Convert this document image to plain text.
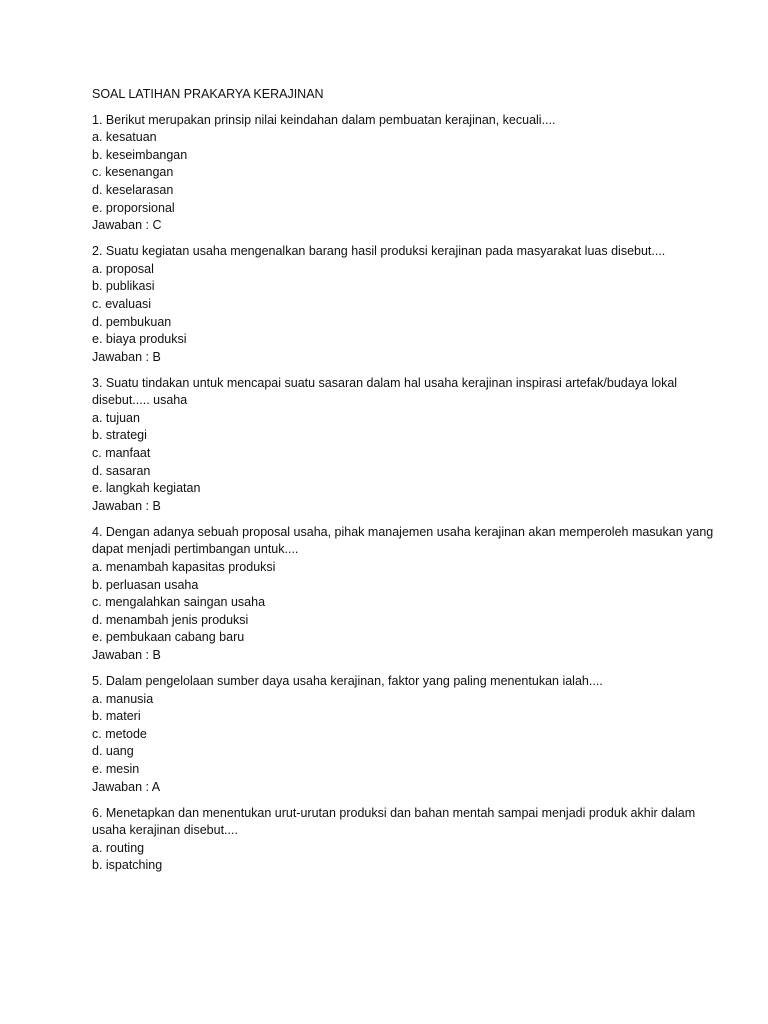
SOAL LATIHAN PRAKARYA KERAJINAN
1. Berikut merupakan prinsip nilai keindahan dalam pembuatan kerajinan, kecuali....
a. kesatuan
b. keseimbangan
c. kesenangan
d. keselarasan
e. proporsional
Jawaban : C
2. Suatu kegiatan usaha mengenalkan barang hasil produksi kerajinan pada masyarakat luas disebut....
a. proposal
b. publikasi
c. evaluasi
d. pembukuan
e. biaya produksi
Jawaban : B
3. Suatu tindakan untuk mencapai suatu sasaran dalam hal usaha kerajinan inspirasi artefak/budaya lokal disebut..... usaha
a. tujuan
b. strategi
c. manfaat
d. sasaran
e. langkah kegiatan
Jawaban : B
4. Dengan adanya sebuah proposal usaha, pihak manajemen usaha kerajinan akan memperoleh masukan yang dapat menjadi pertimbangan untuk....
a. menambah kapasitas produksi
b. perluasan usaha
c. mengalahkan saingan usaha
d. menambah jenis produksi
e. pembukaan cabang baru
Jawaban : B
5. Dalam pengelolaan sumber daya usaha kerajinan, faktor yang paling menentukan ialah....
a. manusia
b. materi
c. metode
d. uang
e. mesin
Jawaban : A
6. Menetapkan dan menentukan urut-urutan produksi dan bahan mentah sampai menjadi produk akhir dalam usaha kerajinan disebut....
a. routing
b. ispatching
